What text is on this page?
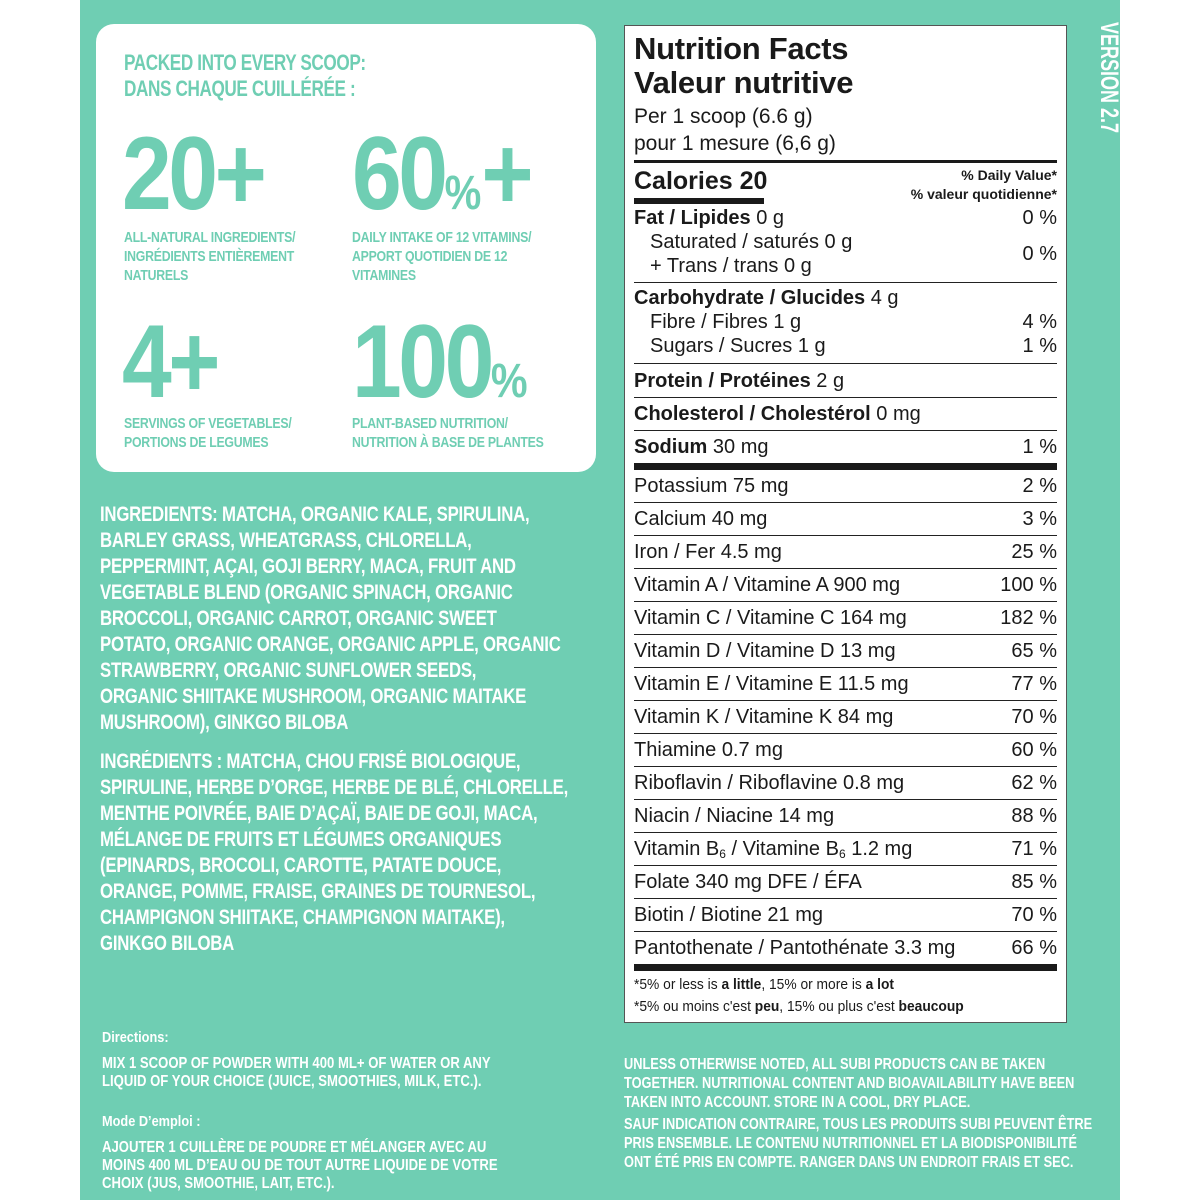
PACKED INTO EVERY SCOOP:
DANS CHAQUE CUILLÉRÉE :
20+
ALL-NATURAL INGREDIENTS/
INGRÉDIENTS ENTIÈREMENT
NATURELS
60%+
DAILY INTAKE OF 12 VITAMINS/
APPORT QUOTIDIEN DE 12
VITAMINES
4+
SERVINGS OF VEGETABLES/
PORTIONS DE LEGUMES
100%
PLANT-BASED NUTRITION/
NUTRITION À BASE DE PLANTES
INGREDIENTS: MATCHA, ORGANIC KALE, SPIRULINA,
BARLEY GRASS, WHEATGRASS, CHLORELLA,
PEPPERMINT, AÇAI, GOJI BERRY, MACA, FRUIT AND
VEGETABLE BLEND (ORGANIC SPINACH, ORGANIC
BROCCOLI, ORGANIC CARROT, ORGANIC SWEET
POTATO, ORGANIC ORANGE, ORGANIC APPLE, ORGANIC
STRAWBERRY, ORGANIC SUNFLOWER SEEDS,
ORGANIC SHIITAKE MUSHROOM, ORGANIC MAITAKE
MUSHROOM), GINKGO BILOBA
INGRÉDIENTS : MATCHA, CHOU FRISÉ BIOLOGIQUE,
SPIRULINE, HERBE D’ORGE, HERBE DE BLÉ, CHLORELLE,
MENTHE POIVRÉE, BAIE D’AÇAÏ, BAIE DE GOJI, MACA,
MÉLANGE DE FRUITS ET LÉGUMES ORGANIQUES
(EPINARDS, BROCOLI, CAROTTE, PATATE DOUCE,
ORANGE, POMME, FRAISE, GRAINES DE TOURNESOL,
CHAMPIGNON SHIITAKE, CHAMPIGNON MAITAKE),
GINKGO BILOBA
Directions:
MIX 1 SCOOP OF POWDER WITH 400 ML+ OF WATER OR ANY
LIQUID OF YOUR CHOICE (JUICE, SMOOTHIES, MILK, ETC.).
Mode D’emploi :
AJOUTER 1 CUILLÈRE DE POUDRE ET MÉLANGER AVEC AU
MOINS 400 ML D’EAU OU DE TOUT AUTRE LIQUIDE DE VOTRE
CHOIX (JUS, SMOOTHIE, LAIT, ETC.).
UNLESS OTHERWISE NOTED, ALL SUBI PRODUCTS CAN BE TAKEN
TOGETHER. NUTRITIONAL CONTENT AND BIOAVAILABILITY HAVE BEEN
TAKEN INTO ACCOUNT. STORE IN A COOL, DRY PLACE.
SAUF INDICATION CONTRAIRE, TOUS LES PRODUITS SUBI PEUVENT ÊTRE
PRIS ENSEMBLE. LE CONTENU NUTRITIONNEL ET LA BIODISPONIBILITÉ
ONT ÉTÉ PRIS EN COMPTE. RANGER DANS UN ENDROIT FRAIS ET SEC.
VERSION 2.7
Nutrition Facts
Valeur nutritive
Per 1 scoop (6.6 g)
pour 1 mesure (6,6 g)
Calories 20	% Daily Value*
% valeur quotidienne*
Fat / Lipides 0 g	0 %
Saturated / saturés 0 g
+ Trans / trans 0 g
0 %
Carbohydrate / Glucides 4 g
Fibre / Fibres 1 g	4 %
Sugars / Sucres 1 g	1 %
Protein / Protéines 2 g
Cholesterol / Cholestérol 0 mg
Sodium 30 mg	1 %
Potassium 75 mg	2 %
Calcium 40 mg	3 %
Iron / Fer 4.5 mg	25 %
Vitamin A / Vitamine A 900 mg	100 %
Vitamin C / Vitamine C 164 mg	182 %
Vitamin D / Vitamine D 13 mg	65 %
Vitamin E / Vitamine E 11.5 mg	77 %
Vitamin K / Vitamine K 84 mg	70 %
Thiamine 0.7 mg	60 %
Riboflavin / Riboflavine 0.8 mg	62 %
Niacin / Niacine 14 mg	88 %
Vitamin $B_6$ / Vitamine $B_6$ 1.2 mg	71 %
Folate 340 mg DFE / ÉFA	85 %
Biotin / Biotine 21 mg	70 %
Pantothenate / Pantothénate 3.3 mg	66 %
*5% or less is a little, 15% or more is a lot
*5% ou moins c'est peu, 15% ou plus c'est beaucoup
